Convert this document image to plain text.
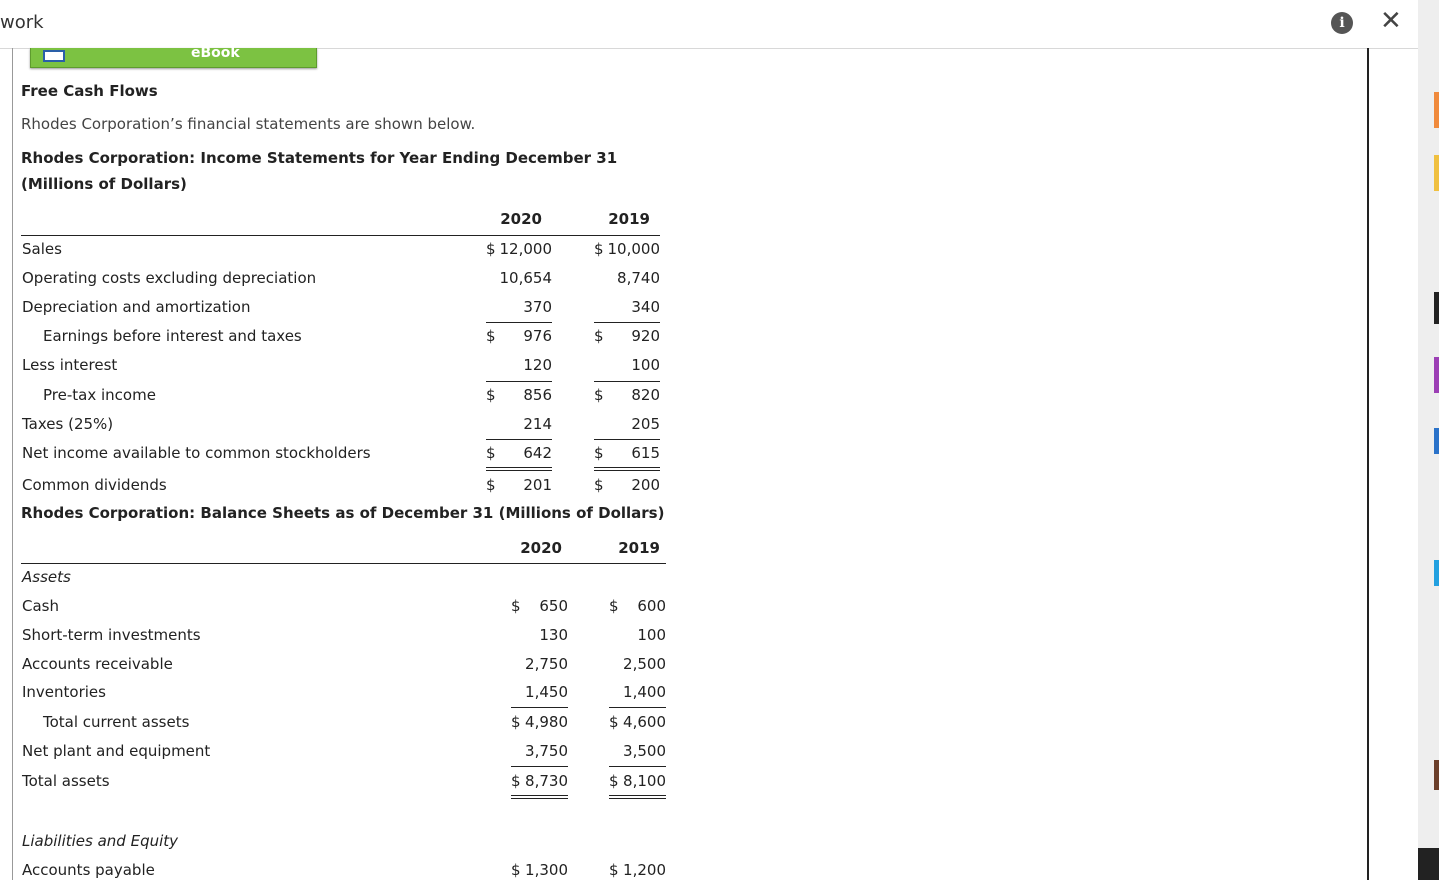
work	i	✕
eBook
Free Cash Flows
Rhodes Corporation’s financial statements are shown below.
Rhodes Corporation: Income Statements for Year Ending December 31
(Millions of Dollars)
2020	2019
Sales	$ 12,000	$ 10,000
Operating costs excluding depreciation	10,654	8,740
Depreciation and amortization	370	340
Earnings before interest and taxes	$	976	$	920
Less interest	120	100
Pre-tax income	$	856	$	820
Taxes (25%)	214	205
Net income available to common stockholders	$	642	$	615
Common dividends	$	201	$	200
Rhodes Corporation: Balance Sheets as of December 31 (Millions of Dollars)
2020	2019
Assets
Cash	$	650	$	600
Short-term investments	130	100
Accounts receivable	2,750	2,500
Inventories	1,450	1,400
Total current assets	$ 4,980	$ 4,600
Net plant and equipment	3,750	3,500
Total assets	$ 8,730	$ 8,100
Liabilities and Equity
Accounts payable	$ 1,300	$ 1,200
